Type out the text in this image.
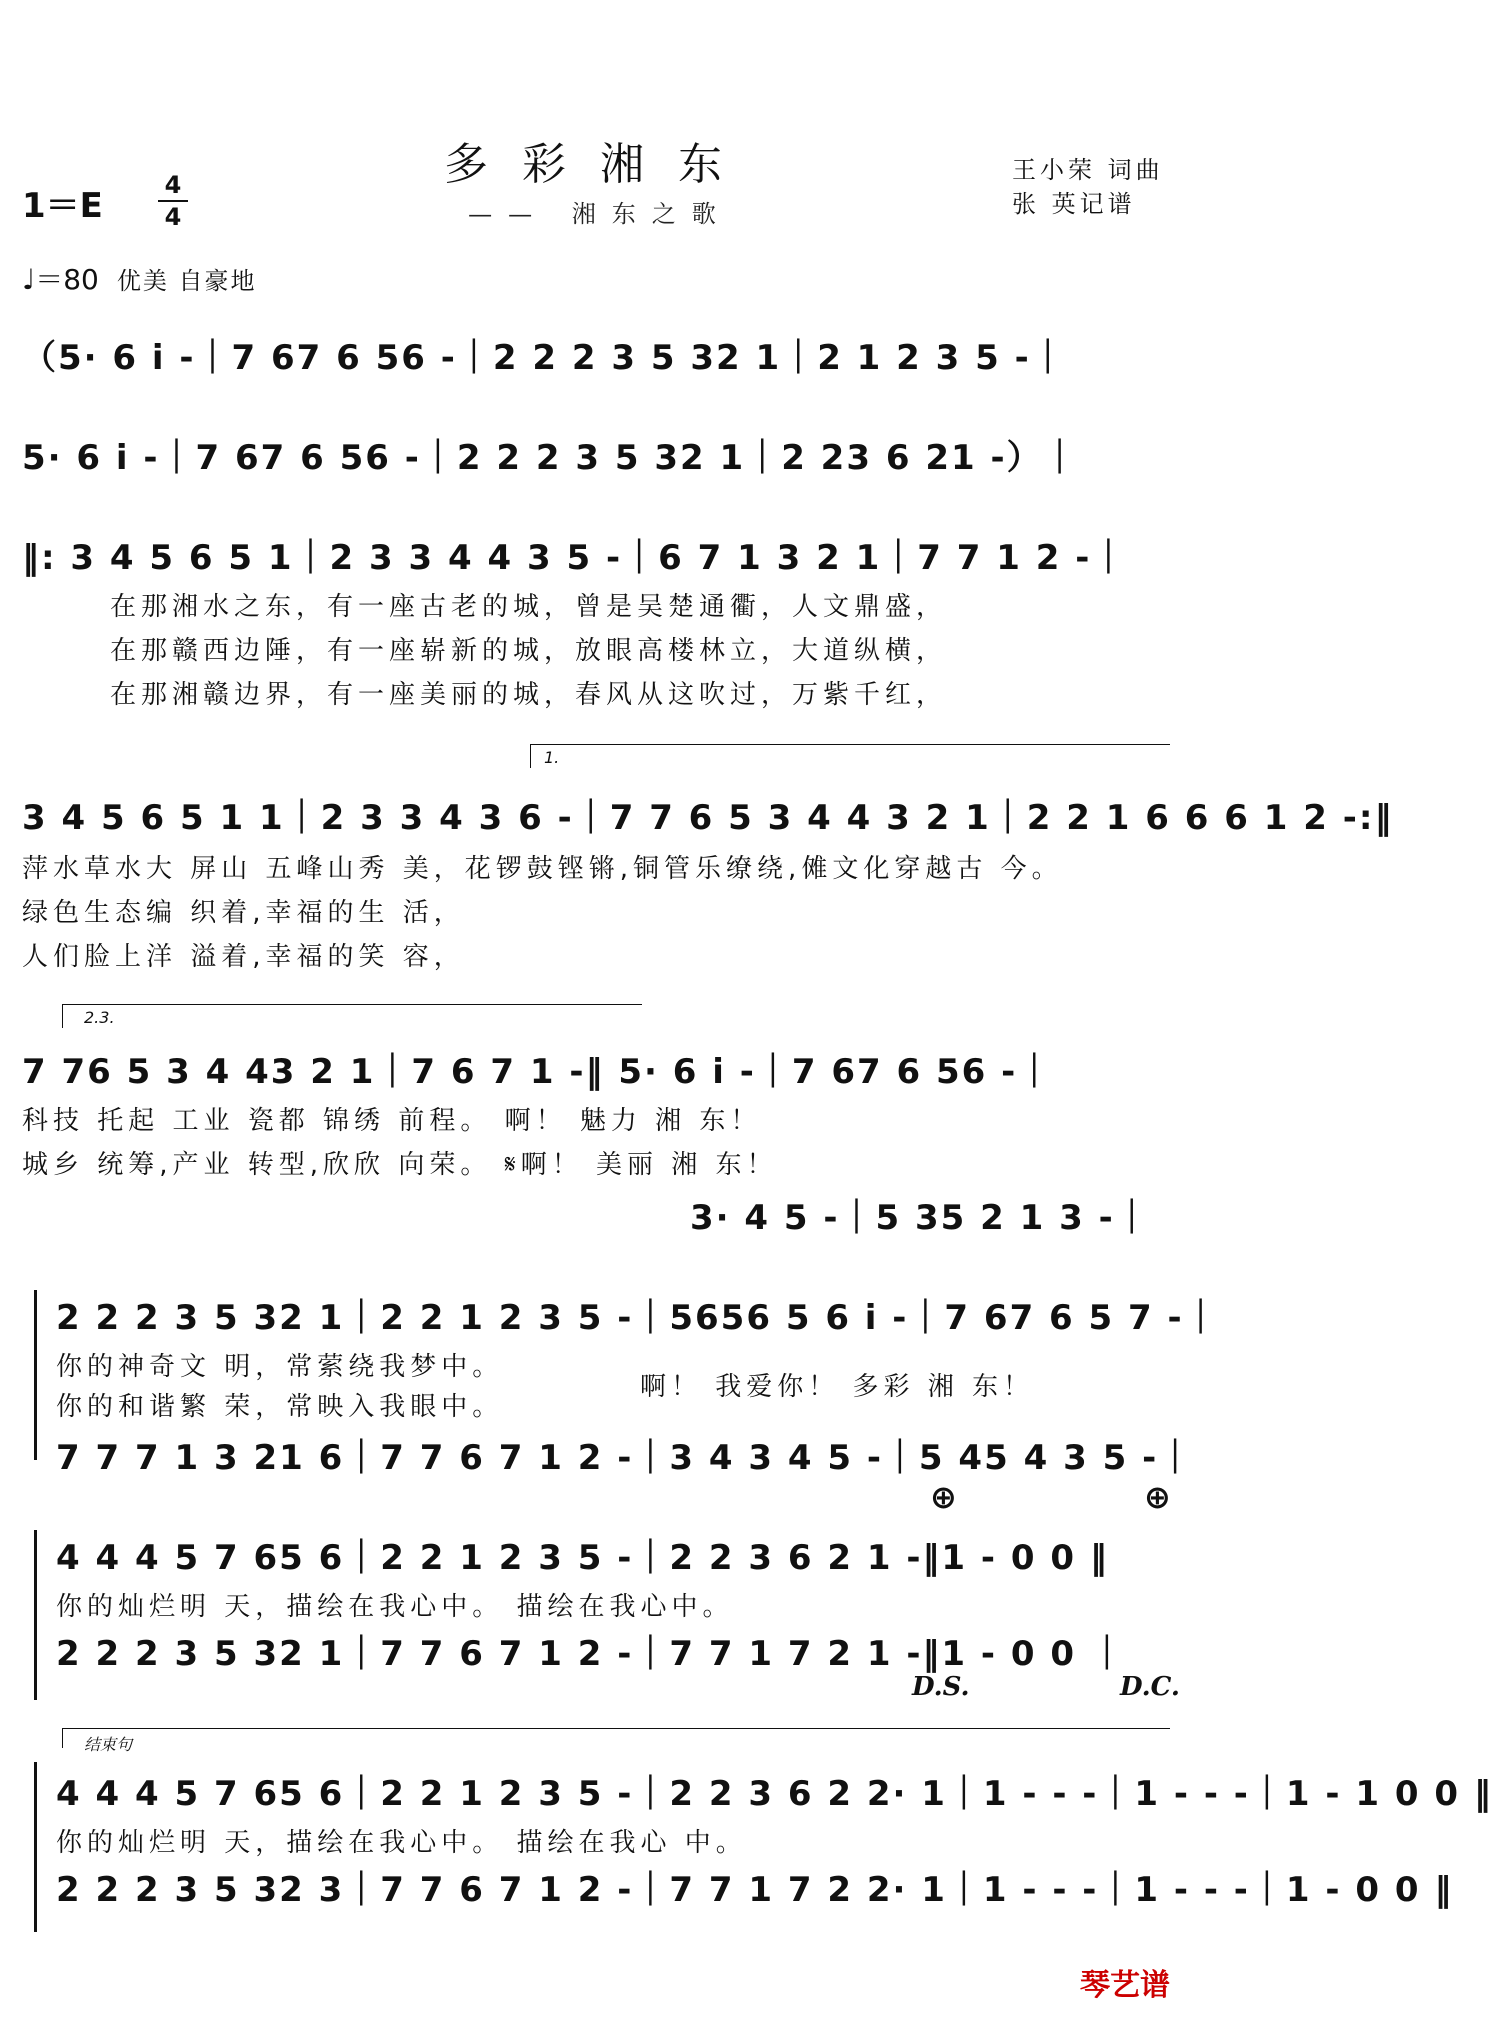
多彩湘东
—— 湘东之歌
王小荣 词曲
张 英记谱
1＝E
4
4
♩＝80 优美 自豪地
（5· 6 i -｜7 67 6 56 -｜2 2 2 3 5 32 1｜2 1 2 3 5 -｜
5· 6 i -｜7 67 6 56 -｜2 2 2 3 5 32 1｜2 23 6 21 -）｜
‖: 3 4 5 6 5 1｜2 3 3 4 4 3 5 -｜6 7 1 3 2 1｜7 7 1 2 -｜
在那湘水之东，有一座古老的城，曾是吴楚通衢，人文鼎盛，
在那赣西边陲，有一座崭新的城，放眼高楼林立，大道纵横，
在那湘赣边界，有一座美丽的城，春风从这吹过，万紫千红，
1.
3 4 5 6 5 1 1｜2 3 3 4 3 6 -｜7 7 6 5 3 4 4 3 2 1｜2 2 1 6 6 6 1 2 -:‖
萍水草水大 屏山 五峰山秀 美，花锣鼓铿锵,铜管乐缭绕,傩文化穿越古 今。
绿色生态编 织着,幸福的生 活，
人们脸上洋 溢着,幸福的笑 容，
2.3.
7 76 5 3 4 43 2 1｜7 6 7 1 -‖ 5· 6 i -｜7 67 6 56 -｜
科技 托起 工业 瓷都 锦绣 前程。 啊！ 魅力 湘 东！
城乡 统筹,产业 转型,欣欣 向荣。 𝄋啊！ 美丽 湘 东！
3· 4 5 -｜5 35 2 1 3 -｜
2 2 2 3 5 32 1｜2 2 1 2 3 5 -｜5656 5 6 i -｜7 67 6 5 7 -｜
你的神奇文 明，常萦绕我梦中。
你的和谐繁 荣，常映入我眼中。
啊！ 我爱你！ 多彩 湘 东！
7 7 7 1 3 21 6｜7 7 6 7 1 2 -｜3 4 3 4 5 -｜5 45 4 3 5 -｜
⊕	⊕
4 4 4 5 7 65 6｜2 2 1 2 3 5 -｜2 2 3 6 2 1 -‖1 - 0 0 ‖
你的灿烂明 天，描绘在我心中。 描绘在我心中。
2 2 2 3 5 32 1｜7 7 6 7 1 2 -｜7 7 1 7 2 1 -‖1 - 0 0 ｜
D.S.	D.C.
结束句
4 4 4 5 7 65 6｜2 2 1 2 3 5 -｜2 2 3 6 2 2· 1｜1 - - -｜1 - - -｜1 - 1 0 0 ‖
你的灿烂明 天，描绘在我心中。 描绘在我心 中。
2 2 2 3 5 32 3｜7 7 6 7 1 2 -｜7 7 1 7 2 2· 1｜1 - - -｜1 - - -｜1 - 0 0 ‖
琴艺谱
